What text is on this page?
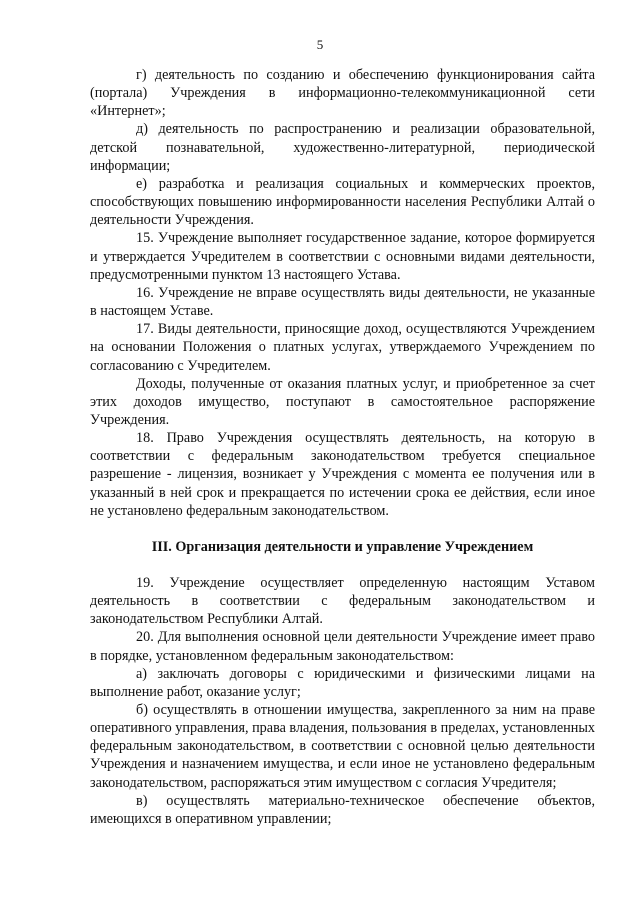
5

г) деятельность по созданию и обеспечению функционирования сайта (портала) Учреждения в информационно-телекоммуникационной сети «Интернет»;

д) деятельность по распространению и реализации образовательной, детской познавательной, художественно-литературной, периодической информации;

е) разработка и реализация социальных и коммерческих проектов, способствующих повышению информированности населения Республики Алтай о деятельности Учреждения.

15. Учреждение выполняет государственное задание, которое формируется и утверждается Учредителем в соответствии с основными видами деятельности, предусмотренными пунктом 13 настоящего Устава.

16. Учреждение не вправе осуществлять виды деятельности, не указанные в настоящем Уставе.

17. Виды деятельности, приносящие доход, осуществляются Учреждением на основании Положения о платных услугах, утверждаемого Учреждением по согласованию с Учредителем.

Доходы, полученные от оказания платных услуг, и приобретенное за счет этих доходов имущество, поступают в самостоятельное распоряжение Учреждения.

18. Право Учреждения осуществлять деятельность, на которую в соответствии с федеральным законодательством требуется специальное разрешение - лицензия, возникает у Учреждения с момента ее получения или в указанный в ней срок и прекращается по истечении срока ее действия, если иное не установлено федеральным законодательством.

III. Организация деятельности и управление Учреждением

19. Учреждение осуществляет определенную настоящим Уставом деятельность в соответствии с федеральным законодательством и законодательством Республики Алтай.

20. Для выполнения основной цели деятельности Учреждение имеет право в порядке, установленном федеральным законодательством:

а) заключать договоры с юридическими и физическими лицами на выполнение работ, оказание услуг;

б) осуществлять в отношении имущества, закрепленного за ним на праве оперативного управления, права владения, пользования в пределах, установленных федеральным законодательством, в соответствии с основной целью деятельности Учреждения и назначением имущества, и если иное не установлено федеральным законодательством, распоряжаться этим имуществом с согласия Учредителя;

в) осуществлять материально-техническое обеспечение объектов, имеющихся в оперативном управлении;
